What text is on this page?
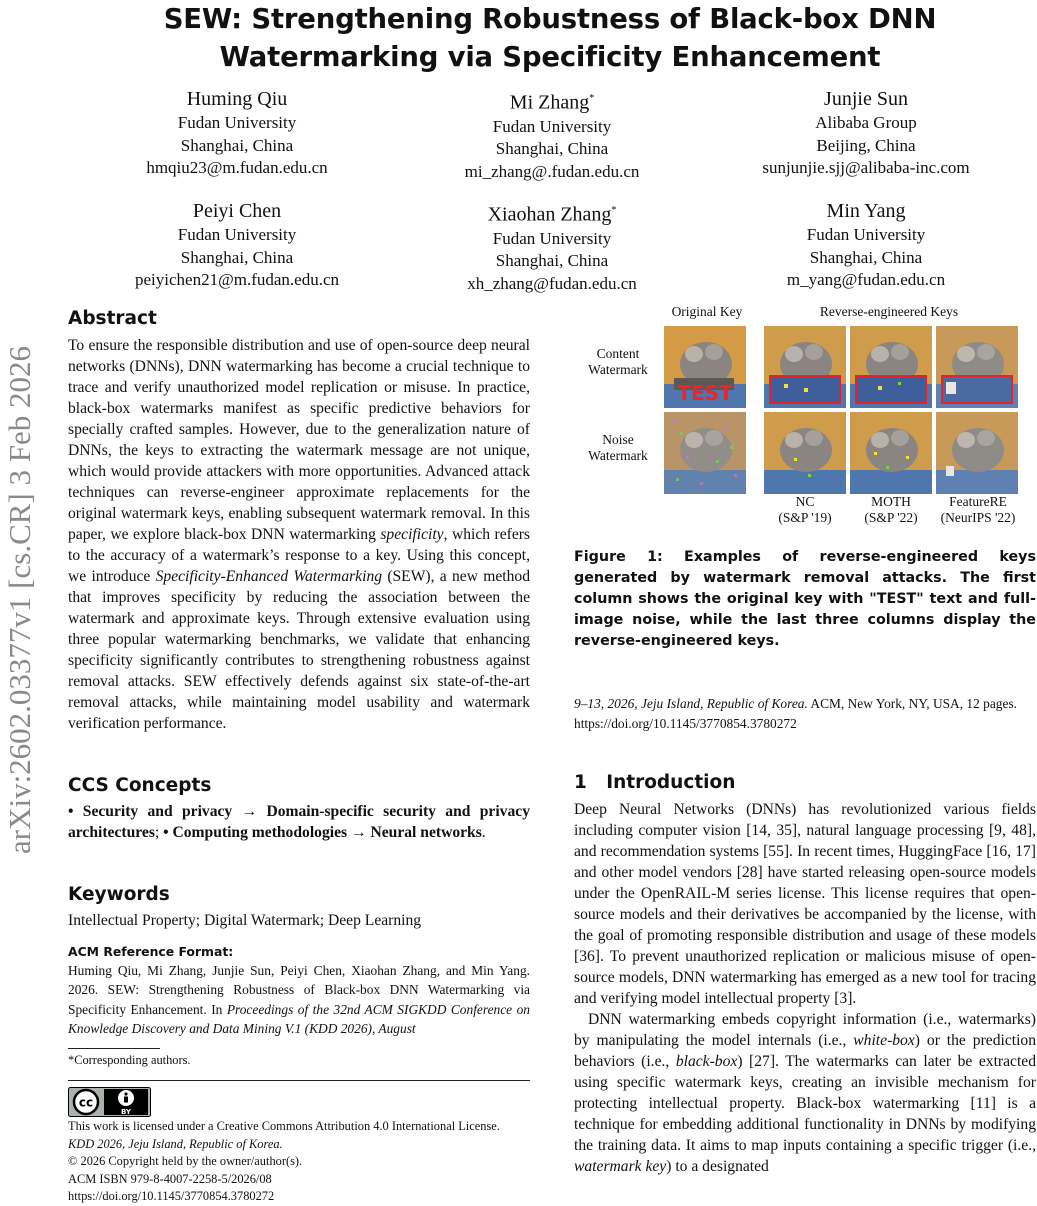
arXiv:2602.03377v1 [cs.CR] 3 Feb 2026
SEW: Strengthening Robustness of Black-box DNN
Watermarking via Specificity Enhancement
Huming Qiu
Fudan University
Shanghai, China
hmqiu23@m.fudan.edu.cn
Mi Zhang*
Fudan University
Shanghai, China
mi_zhang@.fudan.edu.cn
Junjie Sun
Alibaba Group
Beijing, China
sunjunjie.sjj@alibaba-inc.com
Peiyi Chen
Fudan University
Shanghai, China
peiyichen21@m.fudan.edu.cn
Xiaohan Zhang*
Fudan University
Shanghai, China
xh_zhang@fudan.edu.cn
Min Yang
Fudan University
Shanghai, China
m_yang@fudan.edu.cn
Abstract

To ensure the responsible distribution and use of open-source deep neural networks (DNNs), DNN watermarking has become a crucial technique to trace and verify unauthorized model replication or misuse. In practice, black-box watermarks manifest as specific predictive behaviors for specially crafted samples. However, due to the generalization nature of DNNs, the keys to extracting the watermark message are not unique, which would provide attackers with more opportunities. Advanced attack techniques can reverse-engineer approximate replacements for the original watermark keys, enabling subsequent watermark removal. In this paper, we explore black-box DNN watermarking specificity, which refers to the accuracy of a watermark’s response to a key. Using this concept, we introduce Specificity-Enhanced Watermarking (SEW), a new method that improves specificity by reducing the association between the watermark and approximate keys. Through extensive evaluation using three popular watermarking benchmarks, we validate that enhancing specificity significantly contributes to strengthening robustness against removal attacks. SEW effectively defends against six state-of-the-art removal attacks, while maintaining model usability and watermark verification performance.

CCS Concepts

• Security and privacy → Domain-specific security and privacy architectures; • Computing methodologies → Neural networks.

Keywords

Intellectual Property; Digital Watermark; Deep Learning

ACM Reference Format:

Huming Qiu, Mi Zhang, Junjie Sun, Peiyi Chen, Xiaohan Zhang, and Min Yang. 2026. SEW: Strengthening Robustness of Black-box DNN Watermarking via Specificity Enhancement. In Proceedings of the 32nd ACM SIGKDD Conference on Knowledge Discovery and Data Mining V.1 (KDD 2026), August

*Corresponding authors.
cc
BY
This work is licensed under a Creative Commons Attribution 4.0 International License.
KDD 2026, Jeju Island, Republic of Korea.
© 2026 Copyright held by the owner/author(s).
ACM ISBN 979-8-4007-2258-5/2026/08
https://doi.org/10.1145/3770854.3780272
Original Key	Reverse-engineered Keys
Content Watermark
Noise Watermark
TEST
NC
(S&P '19)
MOTH
(S&P '22)
FeatureRE
(NeurIPS '22)
Figure 1: Examples of reverse-engineered keys generated by watermark removal attacks. The first column shows the original key with "TEST" text and full-image noise, while the last three columns display the reverse-engineered keys.
9–13, 2026, Jeju Island, Republic of Korea. ACM, New York, NY, USA, 12 pages. https://doi.org/10.1145/3770854.3780272
1 Introduction

Deep Neural Networks (DNNs) has revolutionized various fields including computer vision [14, 35], natural language processing [9, 48], and recommendation systems [55]. In recent times, HuggingFace [16, 17] and other model vendors [28] have started releasing open-source models under the OpenRAIL-M series license. This license requires that open-source models and their derivatives be accompanied by the license, with the goal of promoting responsible distribution and usage of these models [36]. To prevent unauthorized replication or malicious misuse of open-source models, DNN watermarking has emerged as a new tool for tracing and verifying model intellectual property [3].

DNN watermarking embeds copyright information (i.e., watermarks) by manipulating the model internals (i.e., white-box) or the prediction behaviors (i.e., black-box) [27]. The watermarks can later be extracted using specific watermark keys, creating an invisible mechanism for protecting intellectual property. Black-box watermarking [11] is a technique for embedding additional functionality in DNNs by modifying the training data. It aims to map inputs containing a specific trigger (i.e., watermark key) to a designated
